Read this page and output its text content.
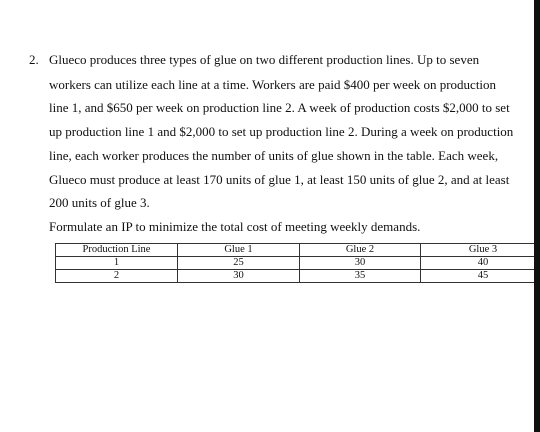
2. Glueco produces three types of glue on two different production lines. Up to seven
workers can utilize each line at a time. Workers are paid $400 per week on production
line 1, and $650 per week on production line 2. A week of production costs $2,000 to set
up production line 1 and $2,000 to set up production line 2. During a week on production
line, each worker produces the number of units of glue shown in the table. Each week,
Glueco must produce at least 170 units of glue 1, at least 150 units of glue 2, and at least
200 units of glue 3.
Formulate an IP to minimize the total cost of meeting weekly demands.
Production Line	Glue 1	Glue 2	Glue 3
1	25	30	40
2	30	35	45
